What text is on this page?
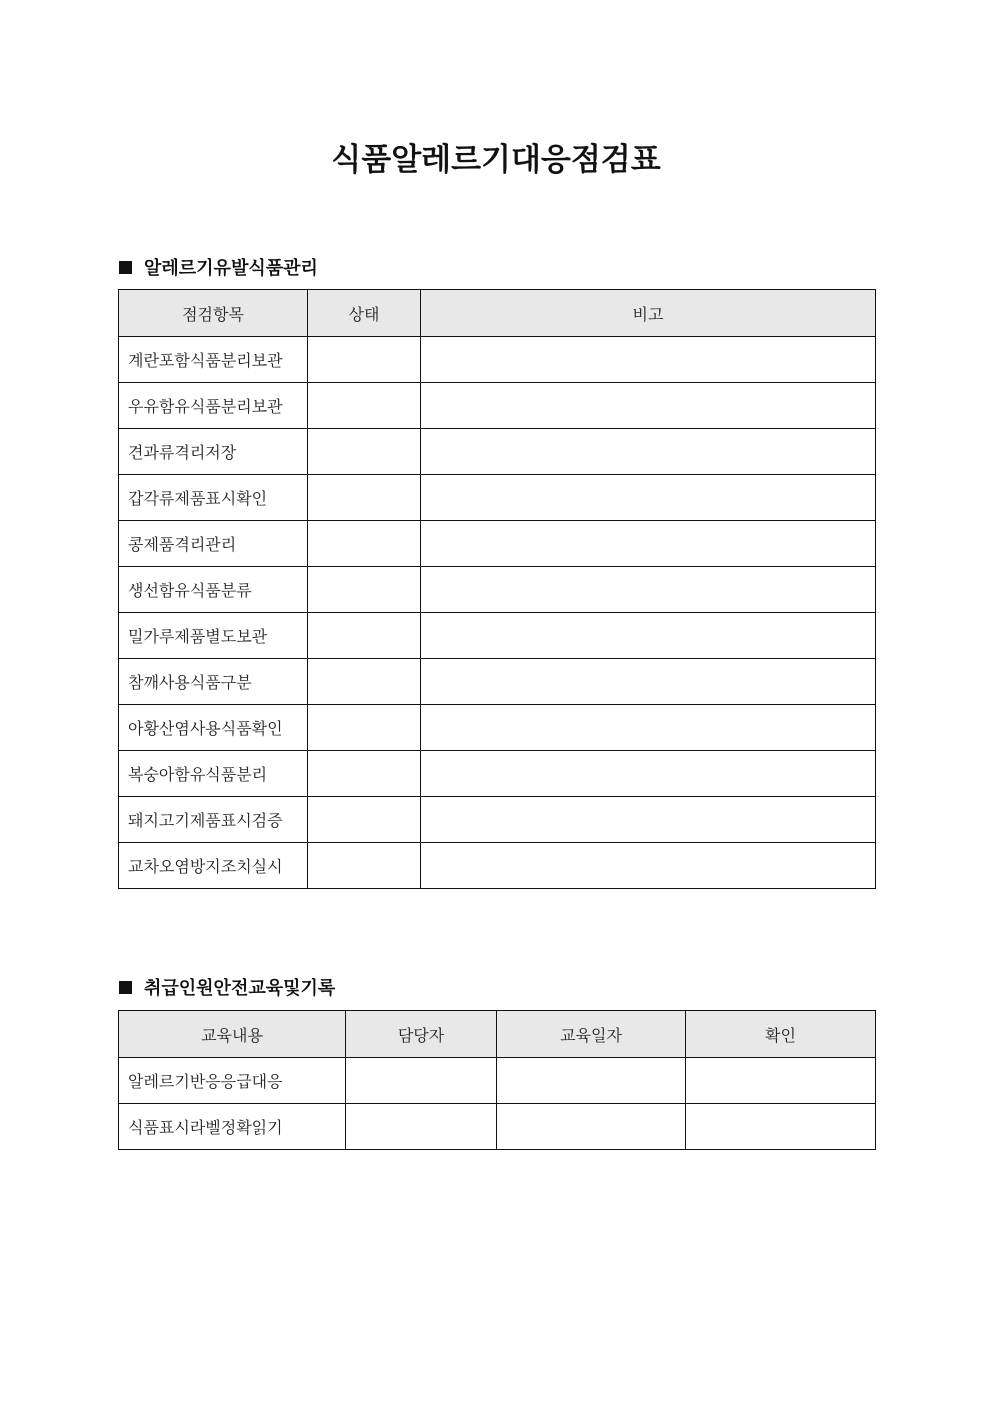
식품알레르기대응점검표
알레르기유발식품관리
점검항목	상태	비고
계란포함식품분리보관		
우유함유식품분리보관		
견과류격리저장		
갑각류제품표시확인		
콩제품격리관리		
생선함유식품분류		
밀가루제품별도보관		
참깨사용식품구분		
아황산염사용식품확인		
복숭아함유식품분리		
돼지고기제품표시검증		
교차오염방지조치실시		
취급인원안전교육및기록
교육내용	담당자	교육일자	확인
알레르기반응응급대응			
식품표시라벨정확읽기			
